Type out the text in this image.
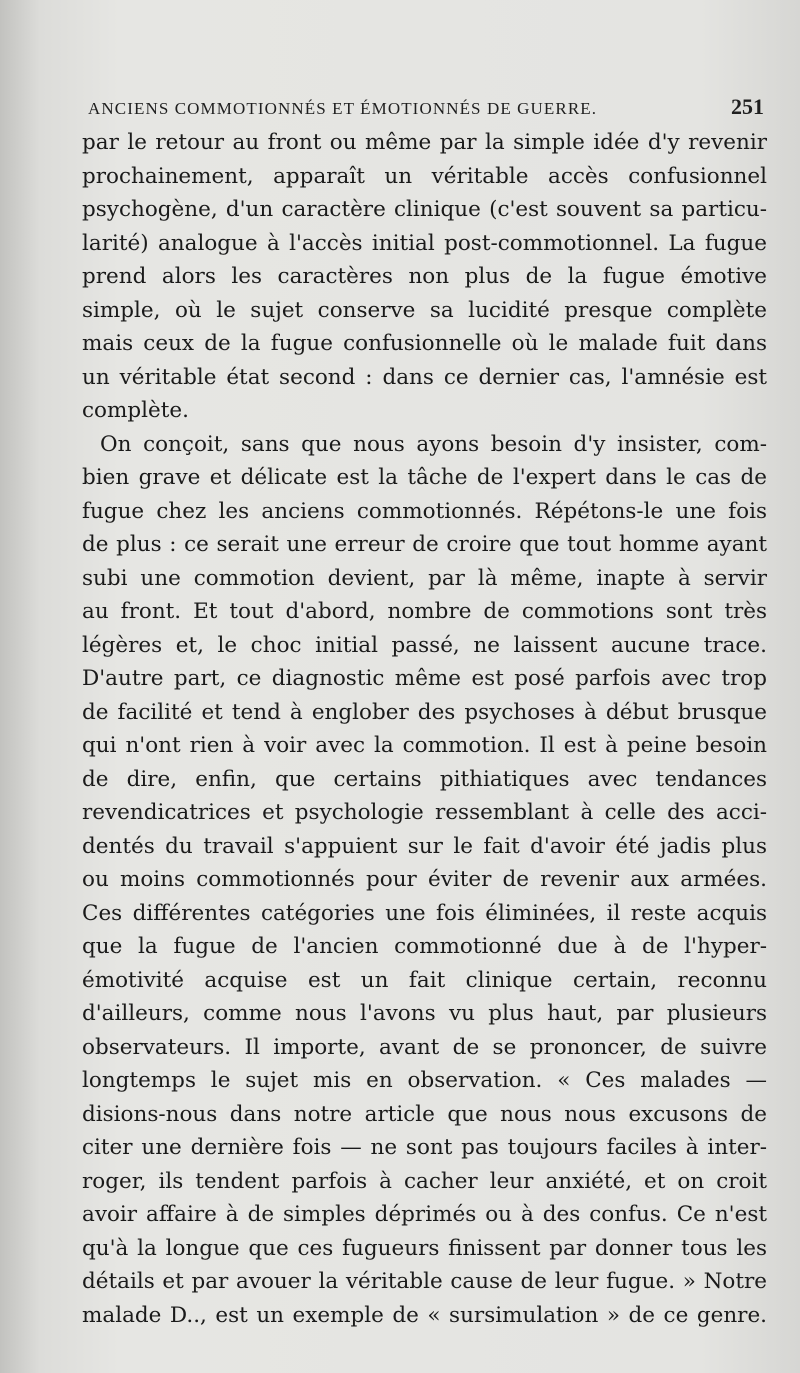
ANCIENS COMMOTIONNÉS ET ÉMOTIONNÉS DE GUERRE.	251
par le retour au front ou même par la simple idée d'y revenir
prochainement, apparaît un véritable accès confusionnel
psychogène, d'un caractère clinique (c'est souvent sa particu-
larité) analogue à l'accès initial post-commotionnel. La fugue
prend alors les caractères non plus de la fugue émotive
simple, où le sujet conserve sa lucidité presque complète
mais ceux de la fugue confusionnelle où le malade fuit dans
un véritable état second : dans ce dernier cas, l'amnésie est
complète.
On conçoit, sans que nous ayons besoin d'y insister, com-
bien grave et délicate est la tâche de l'expert dans le cas de
fugue chez les anciens commotionnés. Répétons-le une fois
de plus : ce serait une erreur de croire que tout homme ayant
subi une commotion devient, par là même, inapte à servir
au front. Et tout d'abord, nombre de commotions sont très
légères et, le choc initial passé, ne laissent aucune trace.
D'autre part, ce diagnostic même est posé parfois avec trop
de facilité et tend à englober des psychoses à début brusque
qui n'ont rien à voir avec la commotion. Il est à peine besoin
de dire, enfin, que certains pithiatiques avec tendances
revendicatrices et psychologie ressemblant à celle des acci-
dentés du travail s'appuient sur le fait d'avoir été jadis plus
ou moins commotionnés pour éviter de revenir aux armées.
Ces différentes catégories une fois éliminées, il reste acquis
que la fugue de l'ancien commotionné due à de l'hyper-
émotivité acquise est un fait clinique certain, reconnu
d'ailleurs, comme nous l'avons vu plus haut, par plusieurs
observateurs. Il importe, avant de se prononcer, de suivre
longtemps le sujet mis en observation. « Ces malades —
disions-nous dans notre article que nous nous excusons de
citer une dernière fois — ne sont pas toujours faciles à inter-
roger, ils tendent parfois à cacher leur anxiété, et on croit
avoir affaire à de simples déprimés ou à des confus. Ce n'est
qu'à la longue que ces fugueurs finissent par donner tous les
détails et par avouer la véritable cause de leur fugue. » Notre
malade D.., est un exemple de « sursimulation » de ce genre.
